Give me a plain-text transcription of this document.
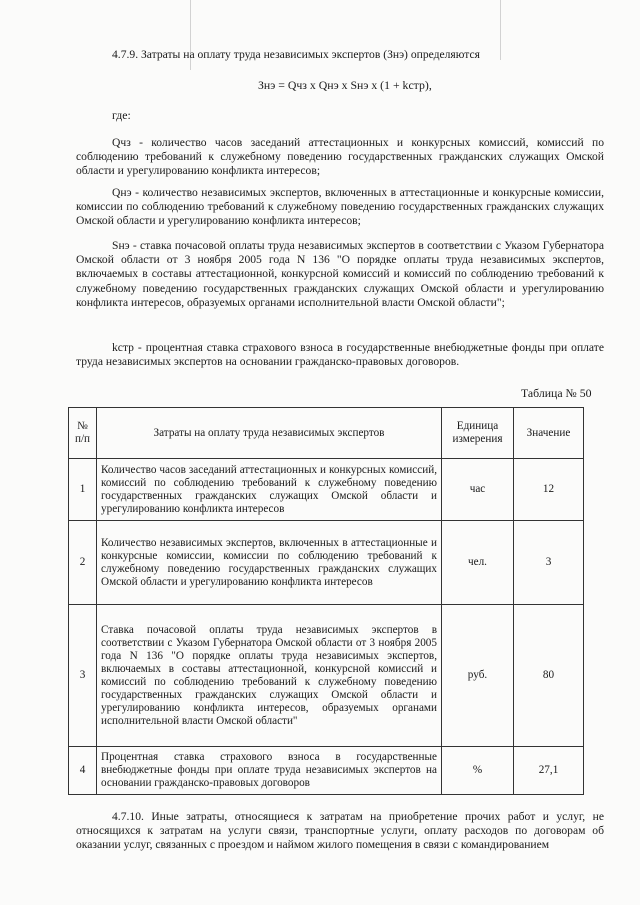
4.7.9. Затраты на оплату труда независимых экспертов (Знэ) определяются
Знэ = Qчз x Qнэ x Sнэ x (1 + kстр),
где:
Qчз - количество часов заседаний аттестационных и конкурсных комиссий, комиссий по соблюдению требований к служебному поведению государственных гражданских служащих Омской области и урегулированию конфликта интересов;
Qнэ - количество независимых экспертов, включенных в аттестационные и конкурсные комиссии, комиссии по соблюдению требований к служебному поведению государственных гражданских служащих Омской области и урегулированию конфликта интересов;
Sнэ - ставка почасовой оплаты труда независимых экспертов в соответствии с Указом Губернатора Омской области от 3 ноября 2005 года N 136 "О порядке оплаты труда независимых экспертов, включаемых в составы аттестационной, конкурсной комиссий и комиссий по соблюдению требований к служебному поведению государственных гражданских служащих Омской области и урегулированию конфликта интересов, образуемых органами исполнительной власти Омской области";
kстр - процентная ставка страхового взноса в государственные внебюджетные фонды при оплате труда независимых экспертов на основании гражданско-правовых договоров.
Таблица № 50
№ п/п	Затраты на оплату труда независимых экспертов	Единица измерения	Значение
1	Количество часов заседаний аттестационных и конкурсных комиссий, комиссий по соблюдению требований к служебному поведению государственных гражданских служащих Омской области и урегулированию конфликта интересов	час	12
2	Количество независимых экспертов, включенных в аттестационные и конкурсные комиссии, комиссии по соблюдению требований к служебному поведению государственных гражданских служащих Омской области и урегулированию конфликта интересов	чел.	3
3	Ставка почасовой оплаты труда независимых экспертов в соответствии с Указом Губернатора Омской области от 3 ноября 2005 года N 136 "О порядке оплаты труда независимых экспертов, включаемых в составы аттестационной, конкурсной комиссий и комиссий по соблюдению требований к служебному поведению государственных гражданских служащих Омской области и урегулированию конфликта интересов, образуемых органами исполнительной власти Омской области"	руб.	80
4	Процентная ставка страхового взноса в государственные внебюджетные фонды при оплате труда независимых экспертов на основании гражданско-правовых договоров	%	27,1
4.7.10. Иные затраты, относящиеся к затратам на приобретение прочих работ и услуг, не относящихся к затратам на услуги связи, транспортные услуги, оплату расходов по договорам об оказании услуг, связанных с проездом и наймом жилого помещения в связи с командированием
